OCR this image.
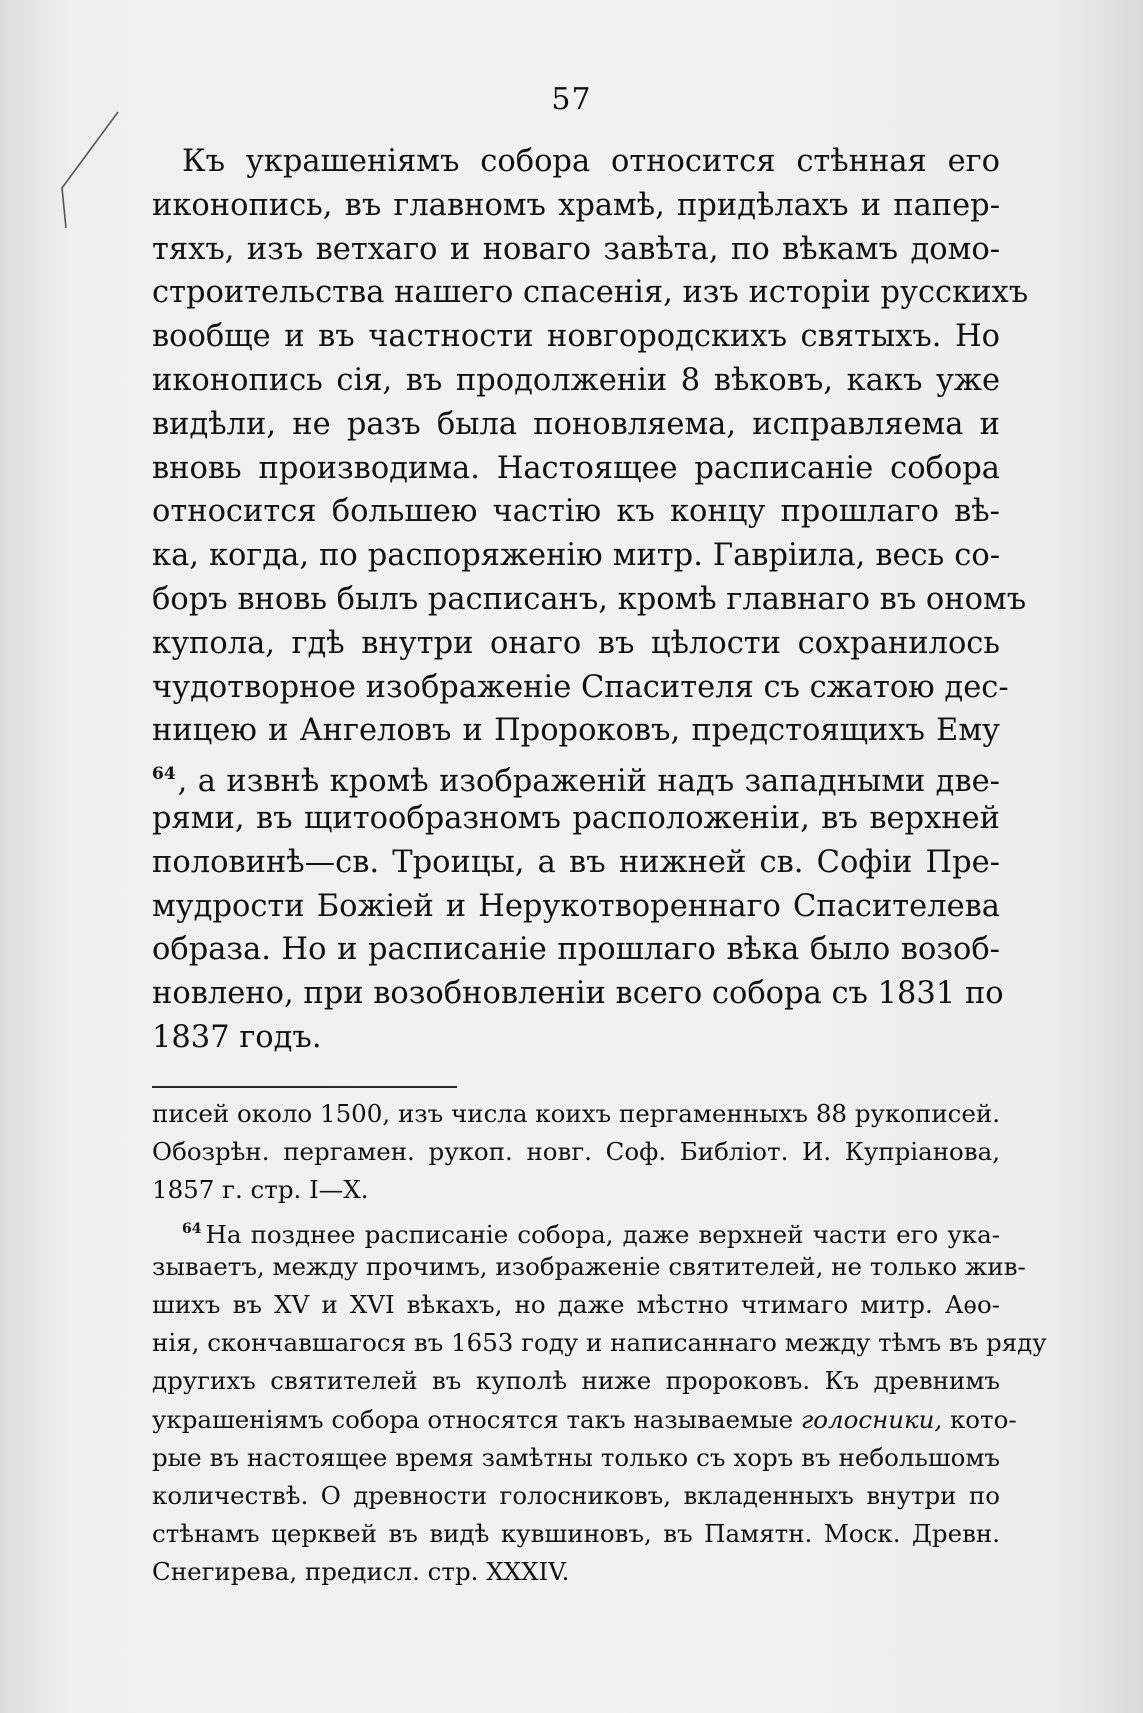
57
Къ украшеніямъ собора относится стѣнная его
иконопись, въ главномъ храмѣ, придѣлахъ и папер-
тяхъ, изъ ветхаго и новаго завѣта, по вѣкамъ домо-
строительства нашего спасенія, изъ исторіи русскихъ
вообще и въ частности новгородскихъ святыхъ. Но
иконопись сія, въ продолженіи 8 вѣковъ, какъ уже
видѣли, не разъ была поновляема, исправляема и
вновь производима. Настоящее расписаніе собора
относится большею частію къ концу прошлаго вѣ-
ка, когда, по распоряженію митр. Гавріила, весь со-
боръ вновь былъ расписанъ, кромѣ главнаго въ ономъ
купола, гдѣ внутри онаго въ цѣлости сохранилось
чудотворное изображеніе Спасителя съ сжатою дес-
ницею и Ангеловъ и Пророковъ, предстоящихъ Ему
$^{64}$, а извнѣ кромѣ изображеній надъ западными две-
рями, въ щитообразномъ расположеніи, въ верхней
половинѣ—св. Троицы, а въ нижней св. Софіи Пре-
мудрости Божіей и Нерукотвореннаго Спасителева
образа. Но и расписаніе прошлаго вѣка было возоб-
новлено, при возобновленіи всего собора съ 1831 по
1837 годъ.
писей около 1500, изъ числа коихъ пергаменныхъ 88 рукописей.
Обозрѣн. пергамен. рукоп. новг. Соф. Библіот. И. Купріанова,
1857 г. стр. I—X.
$^{64}$ На позднее расписаніе собора, даже верхней части его ука-
зываетъ, между прочимъ, изображеніе святителей, не только жив-
шихъ въ XV и XVI вѣкахъ, но даже мѣстно чтимаго митр. Аѳо-
нія, скончавшагося въ 1653 году и написаннаго между тѣмъ въ ряду
другихъ святителей въ куполѣ ниже пророковъ. Къ древнимъ
украшеніямъ собора относятся такъ называемые голосники, кото-
рые въ настоящее время замѣтны только съ хоръ въ небольшомъ
количествѣ. О древности голосниковъ, вкладенныхъ внутри по
стѣнамъ церквей въ видѣ кувшиновъ, въ Памятн. Моск. Древн.
Снегирева, предисл. стр. XXXIV.
